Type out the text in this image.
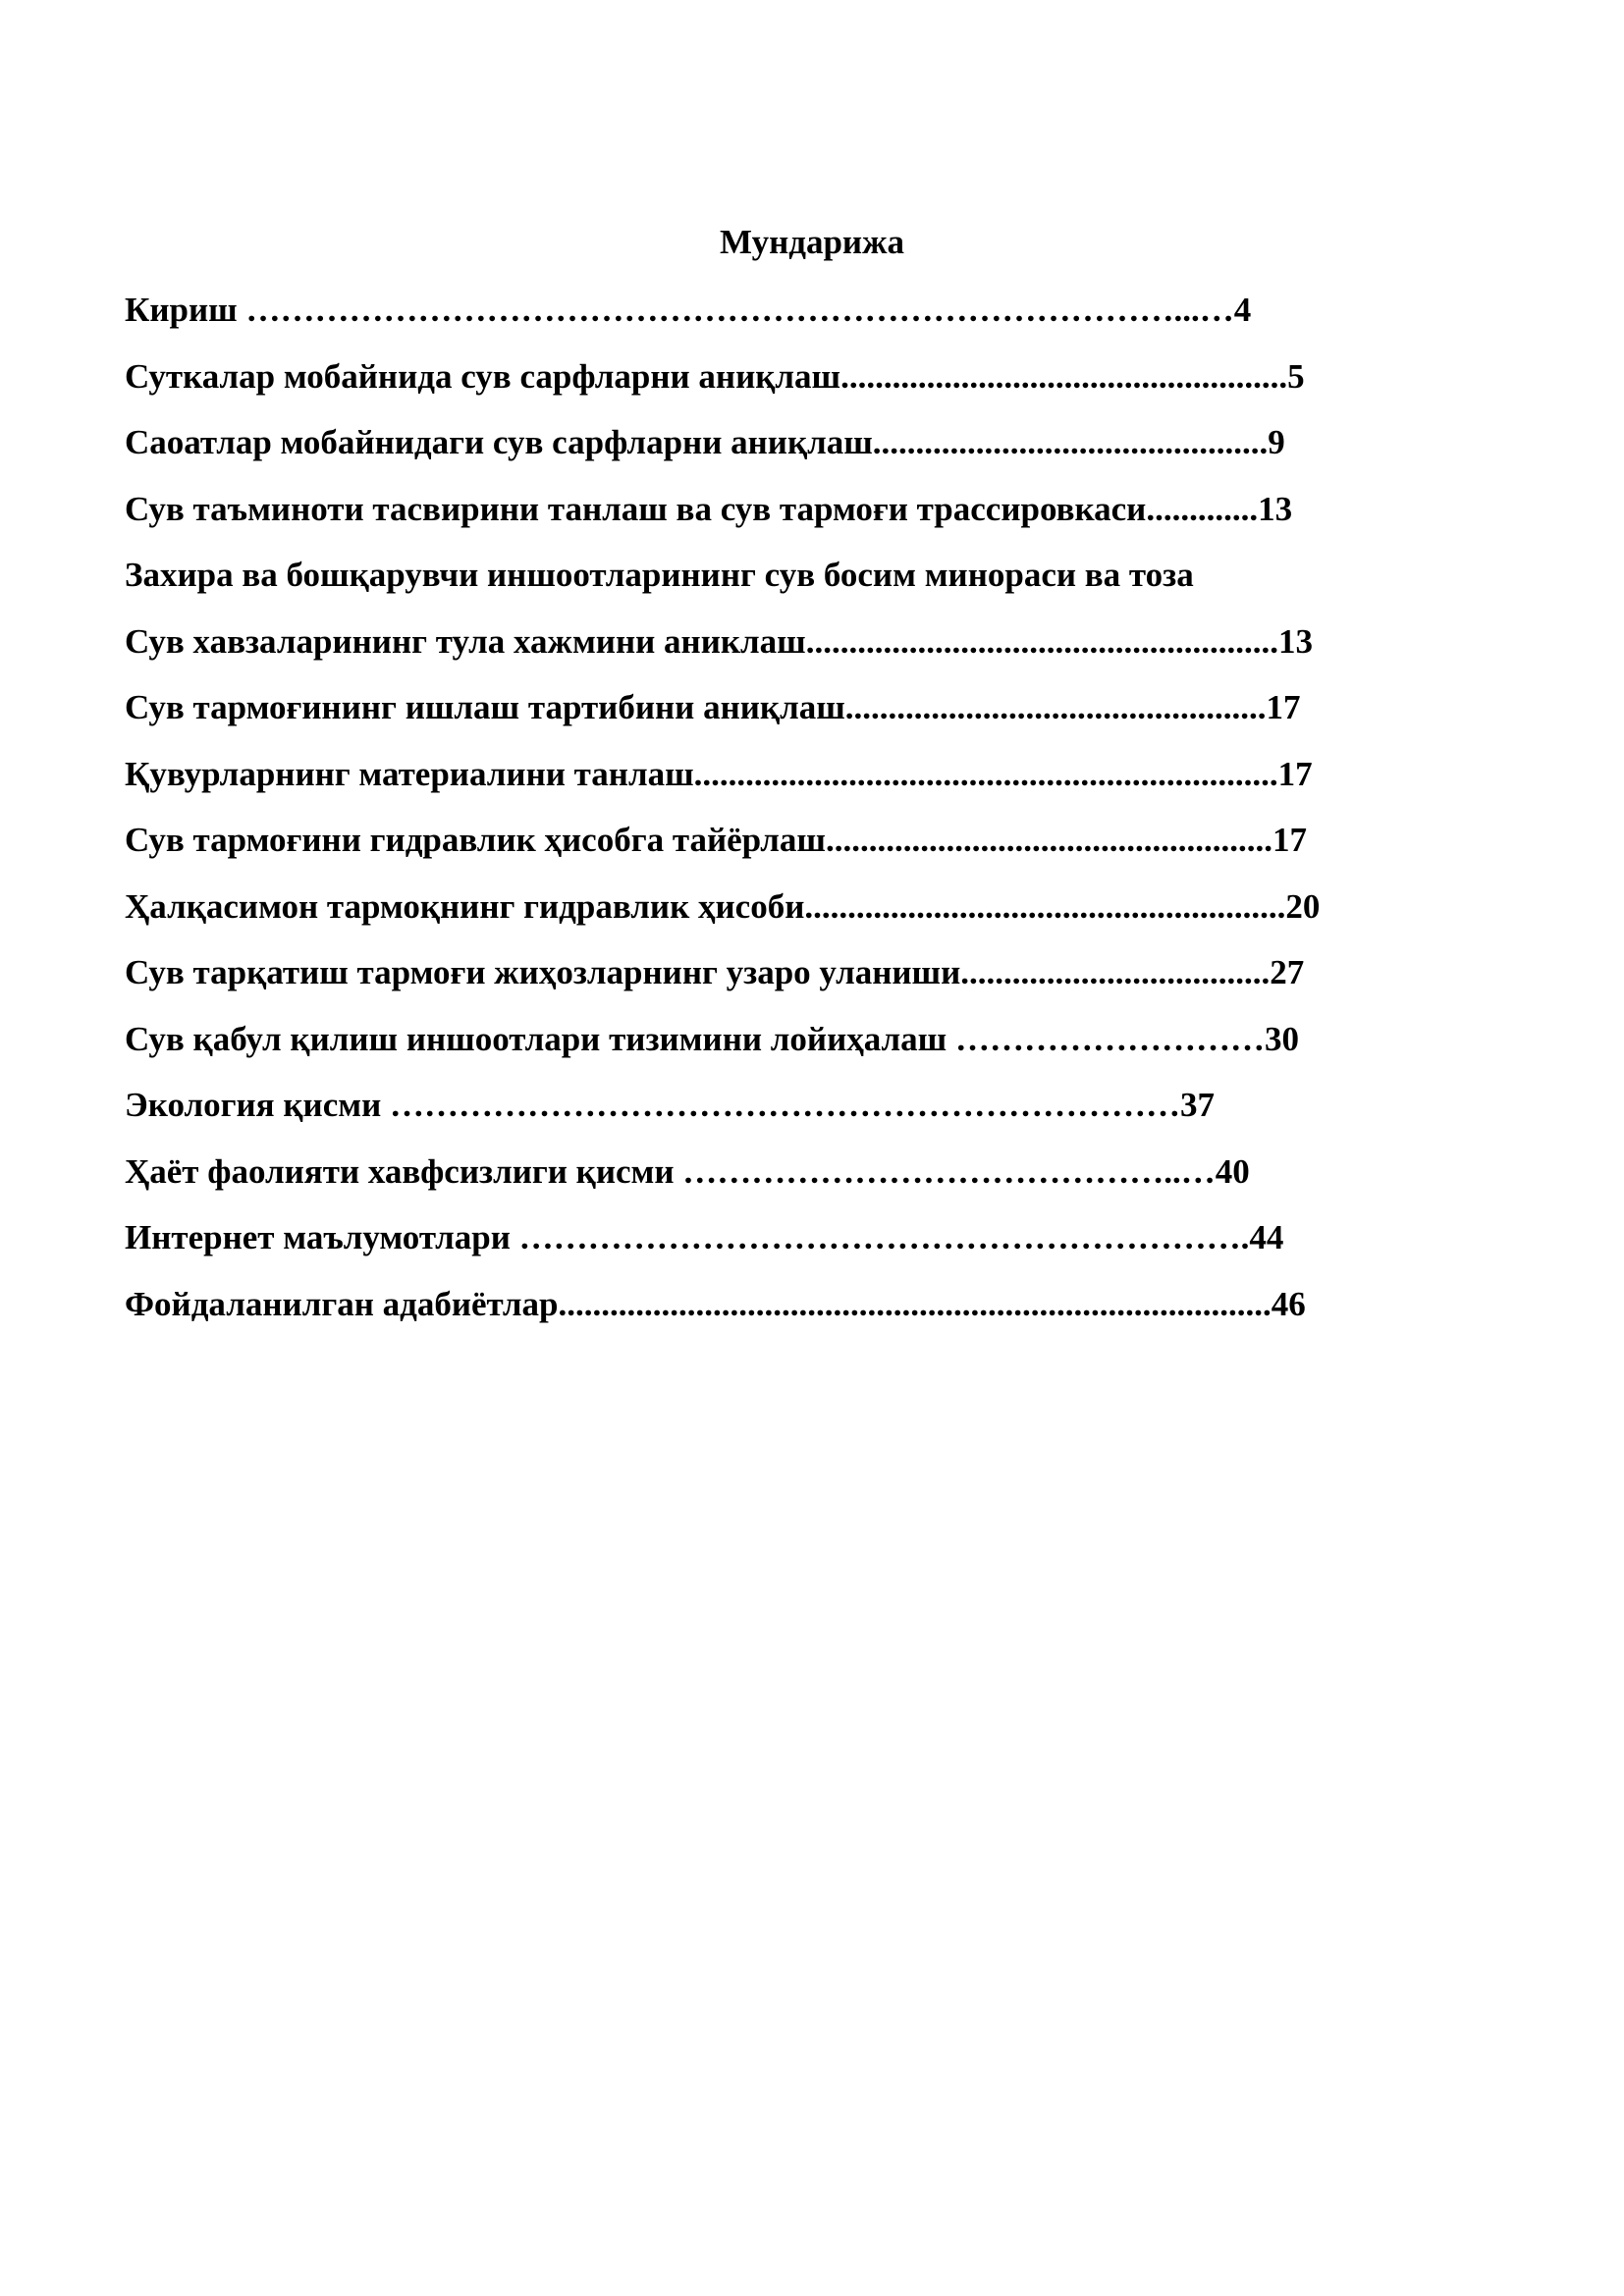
Мундарижа
Кириш ………………………………………………………………………...…4
Суткалар мобайнида сув сарфларни аниқлаш....................................................5
Саоатлар мобайнидаги сув сарфларни аниқлаш..............................................9
Сув таъминоти тасвирини танлаш ва сув тармоғи трассировкаси.............13
Захира ва бошқарувчи иншоотларининг сув босим минораси ва тоза
Сув хавзаларининг тула хажмини аниклаш.......................................................13
Сув тармоғининг ишлаш тартибини аниқлаш.................................................17
Қувурларнинг материалини танлаш....................................................................17
Сув тармоғини гидравлик ҳисобга тайёрлаш....................................................17
Ҳалқасимон тармоқнинг гидравлик ҳисоби........................................................20
Сув тарқатиш тармоғи жиҳозларнинг узаро уланиши....................................27
Сув қабул қилиш иншоотлари тизимини лойиҳалаш ………………………30
Экология қисми ……………………………………………………………37
Ҳаёт фаолияти хавфсизлиги қисми ……………………………………..…40
Интернет маълумотлари ……………………………………………………….44
Фойдаланилган адабиётлар...................................................................................46
